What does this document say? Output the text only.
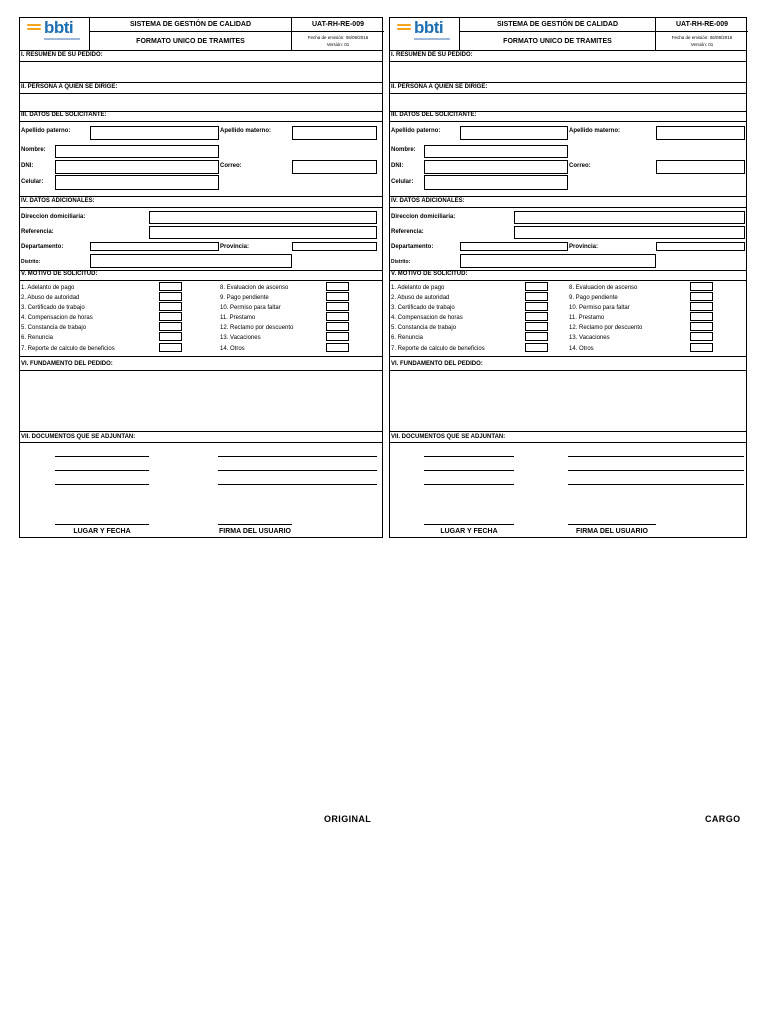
bbti	SISTEMA DE GESTIÓN DE CALIDAD
FORMATO UNICO DE TRAMITES
UAT-RH-RE-009
Fecha de emisión: 06/09/2016
Versión: 01
I. RESUMEN DE SU PEDIDO:
II. PERSONA A QUIEN SE DIRIGE:
III. DATOS DEL SOLICITANTE:
Apellido paterno:	Apellido materno:
Nombre:
DNI:	Correo:
Celular:
IV. DATOS ADICIONALES:
Direccion domiciliaria:
Referencia:
Departamento:	Provincia:
Distrito:
V. MOTIVO DE SOLICITUD:
1. Adelanto de pago
2. Abuso de autoridad
3. Certificado de trabajo
4. Compensacion de horas
5. Constancia de trabajo
6. Renuncia
7. Reporte de calculo de beneficios
8. Evaluacion de ascenso
9. Pago pendiente
10. Permiso para faltar
11. Prestamo
12. Reclamo por descuento
13. Vacaciones
14. Otros
VI. FUNDAMENTO DEL PEDIDO:
VII. DOCUMENTOS QUE SE ADJUNTAN:
LUGAR Y FECHA	FIRMA DEL USUARIO
bbti	SISTEMA DE GESTIÓN DE CALIDAD
FORMATO UNICO DE TRAMITES
UAT-RH-RE-009
Fecha de emisión: 06/09/2016
Versión: 01
I. RESUMEN DE SU PEDIDO:
II. PERSONA A QUIEN SE DIRIGE:
III. DATOS DEL SOLICITANTE:
Apellido paterno:	Apellido materno:
Nombre:
DNI:	Correo:
Celular:
IV. DATOS ADICIONALES:
Direccion domiciliaria:
Referencia:
Departamento:	Provincia:
Distrito:
V. MOTIVO DE SOLICITUD:
1. Adelanto de pago
2. Abuso de autoridad
3. Certificado de trabajo
4. Compensacion de horas
5. Constancia de trabajo
6. Renuncia
7. Reporte de calculo de beneficios
8. Evaluacion de ascenso
9. Pago pendiente
10. Permiso para faltar
11. Prestamo
12. Reclamo por descuento
13. Vacaciones
14. Otros
VI. FUNDAMENTO DEL PEDIDO:
VII. DOCUMENTOS QUE SE ADJUNTAN:
LUGAR Y FECHA	FIRMA DEL USUARIO
ORIGINAL	CARGO
